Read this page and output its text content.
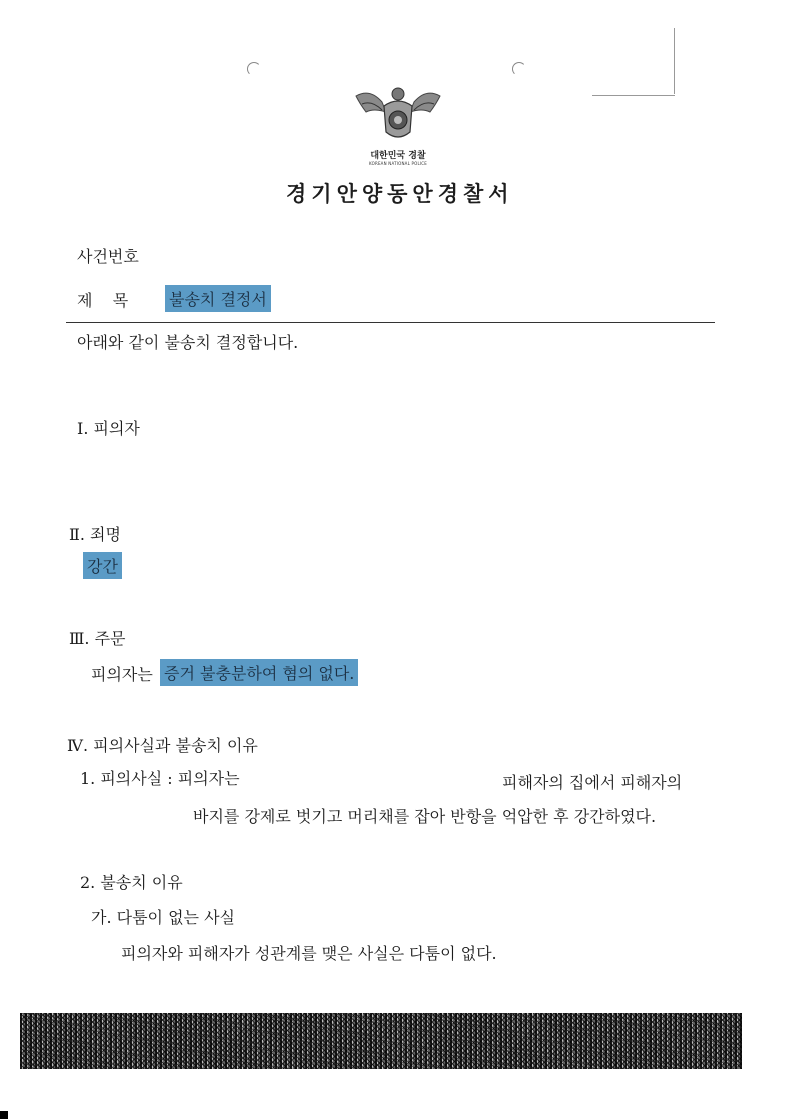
대한민국 경찰
KOREAN NATIONAL POLICE
경기안양동안경찰서
사건번호
제    목	불송치 결정서
아래와 같이 불송치 결정합니다.
Ⅰ. 피의자
Ⅱ. 죄명
강간
Ⅲ. 주문
피의자는 증거 불충분하여 혐의 없다.
Ⅳ. 피의사실과 불송치 이유
1. 피의사실 : 피의자는	피해자의 집에서 피해자의
바지를 강제로 벗기고 머리채를 잡아 반항을 억압한 후 강간하였다.
2. 불송치 이유
가. 다툼이 없는 사실
피의자와 피해자가 성관계를 맺은 사실은 다툼이 없다.
